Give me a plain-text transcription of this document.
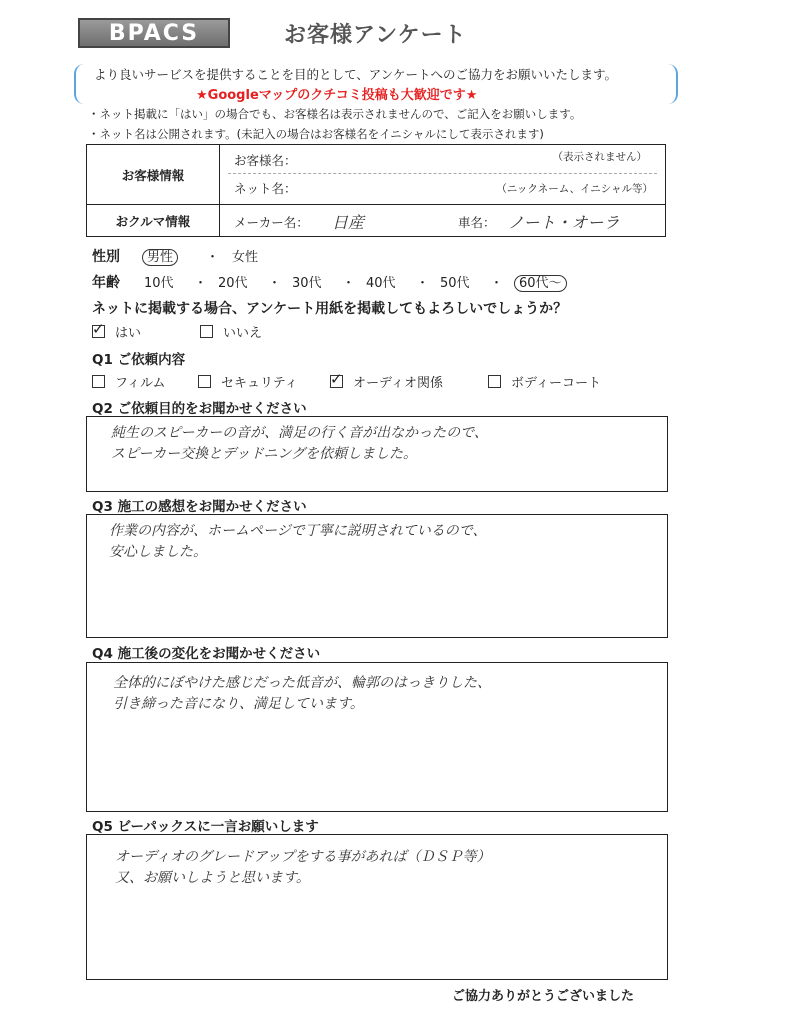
BPACS	お客様アンケート
より良いサービスを提供することを目的として、アンケートへのご協力をお願いいたします。
★Googleマップのクチコミ投稿も大歓迎です★
・ネット掲載に「はい」の場合でも、お客様名は表示されませんので、ご記入をお願いします。
・ネット名は公開されます。(未記入の場合はお客様名をイニシャルにして表示されます)
お客様情報	お客様名： （表示されません）
ネット名： （ニックネーム、イニシャル等）

おクルマ情報	メーカー名： 日産 車名： ノート・オーラ
性別	男性	・ 女性
年齢 10代 ・ 20代 ・ 30代 ・ 40代 ・ 50代 ・	60代〜
ネットに掲載する場合、アンケート用紙を掲載してもよろしいでしょうか？
✓はい	いいえ
Q1 ご依頼内容
フィルム	セキュリティ ✓	オーディオ関係	ボディーコート
Q2 ご依頼目的をお聞かせください
純生のスピーカーの音が、満足の行く音が出なかったので、
スピーカー交換とデッドニングを依頼しました。
Q3 施工の感想をお聞かせください
作業の内容が、ホームページで丁寧に説明されているので、
安心しました。
Q4 施工後の変化をお聞かせください
全体的にぼやけた感じだった低音が、輪郭のはっきりした、
引き締った音になり、満足しています。
Q5 ビーパックスに一言お願いします
オーディオのグレードアップをする事があれば（ＤＳＰ等）
又、お願いしようと思います。
ご協力ありがとうございました
